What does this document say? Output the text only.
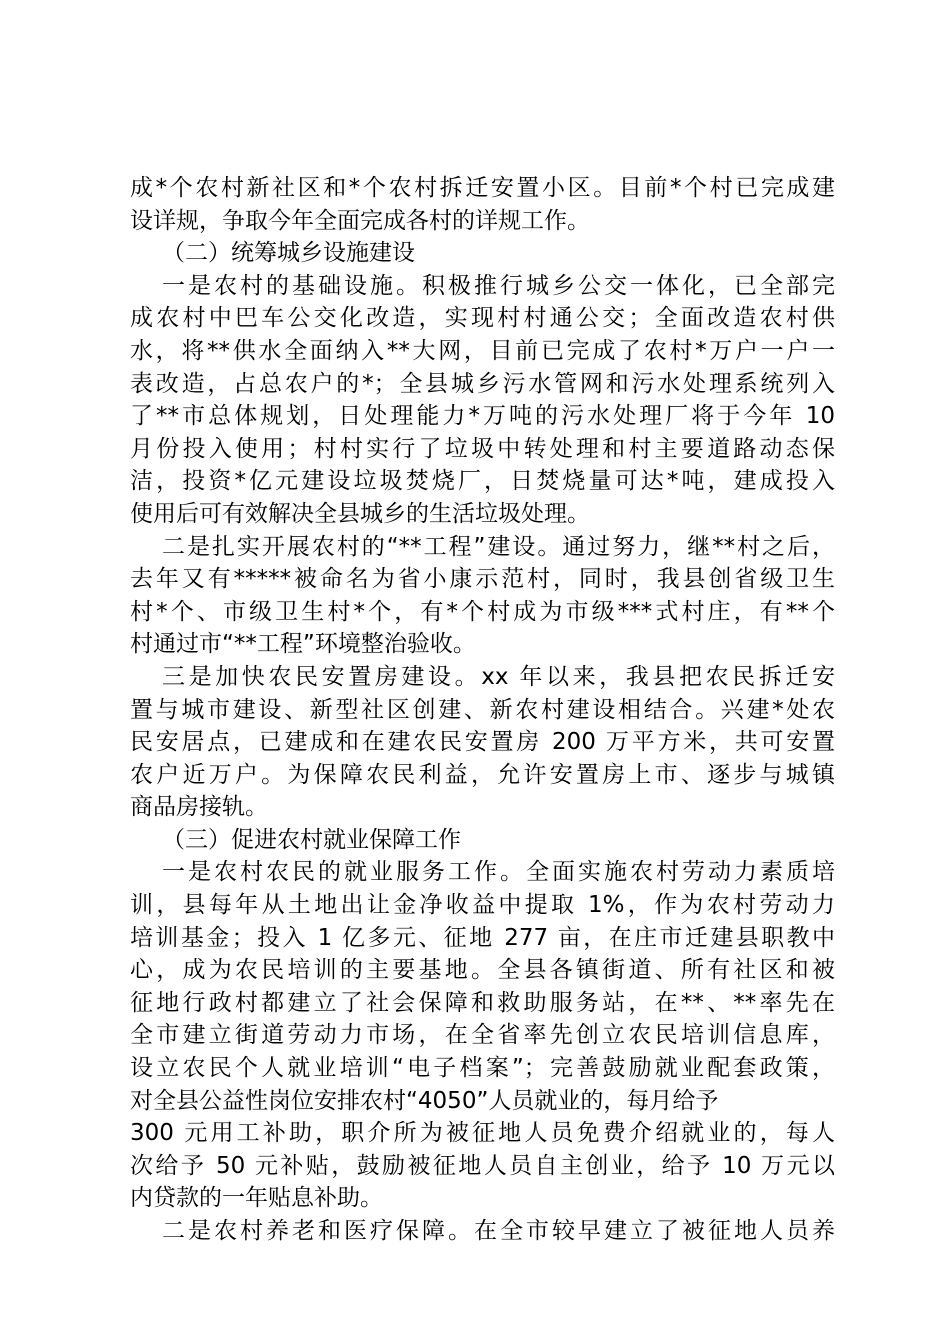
成*个农村新社区和*个农村拆迁安置小区。目前*个村已完成建
设详规，争取今年全面完成各村的详规工作。
（二）统筹城乡设施建设
一是农村的基础设施。积极推行城乡公交一体化，已全部完
成农村中巴车公交化改造，实现村村通公交；全面改造农村供
水，将**供水全面纳入**大网，目前已完成了农村*万户一户一
表改造，占总农户的*；全县城乡污水管网和污水处理系统列入
了**市总体规划，日处理能力*万吨的污水处理厂将于今年 10
月份投入使用；村村实行了垃圾中转处理和村主要道路动态保
洁，投资*亿元建设垃圾焚烧厂，日焚烧量可达*吨，建成投入
使用后可有效解决全县城乡的生活垃圾处理。
二是扎实开展农村的“**工程”建设。通过努力，继**村之后，
去年又有*****被命名为省小康示范村，同时，我县创省级卫生
村*个、市级卫生村*个，有*个村成为市级***式村庄，有**个
村通过市“**工程”环境整治验收。
三是加快农民安置房建设。xx 年以来，我县把农民拆迁安
置与城市建设、新型社区创建、新农村建设相结合。兴建*处农
民安居点，已建成和在建农民安置房 200 万平方米，共可安置
农户近万户。为保障农民利益，允许安置房上市、逐步与城镇
商品房接轨。
（三）促进农村就业保障工作
一是农村农民的就业服务工作。全面实施农村劳动力素质培
训，县每年从土地出让金净收益中提取 1%，作为农村劳动力
培训基金；投入 1 亿多元、征地 277 亩，在庄市迁建县职教中
心，成为农民培训的主要基地。全县各镇街道、所有社区和被
征地行政村都建立了社会保障和救助服务站，在**、**率先在
全市建立街道劳动力市场，在全省率先创立农民培训信息库，
设立农民个人就业培训“电子档案”；完善鼓励就业配套政策，
对全县公益性岗位安排农村“4050”人员就业的，每月给予
300 元用工补助，职介所为被征地人员免费介绍就业的，每人
次给予 50 元补贴，鼓励被征地人员自主创业，给予 10 万元以
内贷款的一年贴息补助。
二是农村养老和医疗保障。在全市较早建立了被征地人员养
